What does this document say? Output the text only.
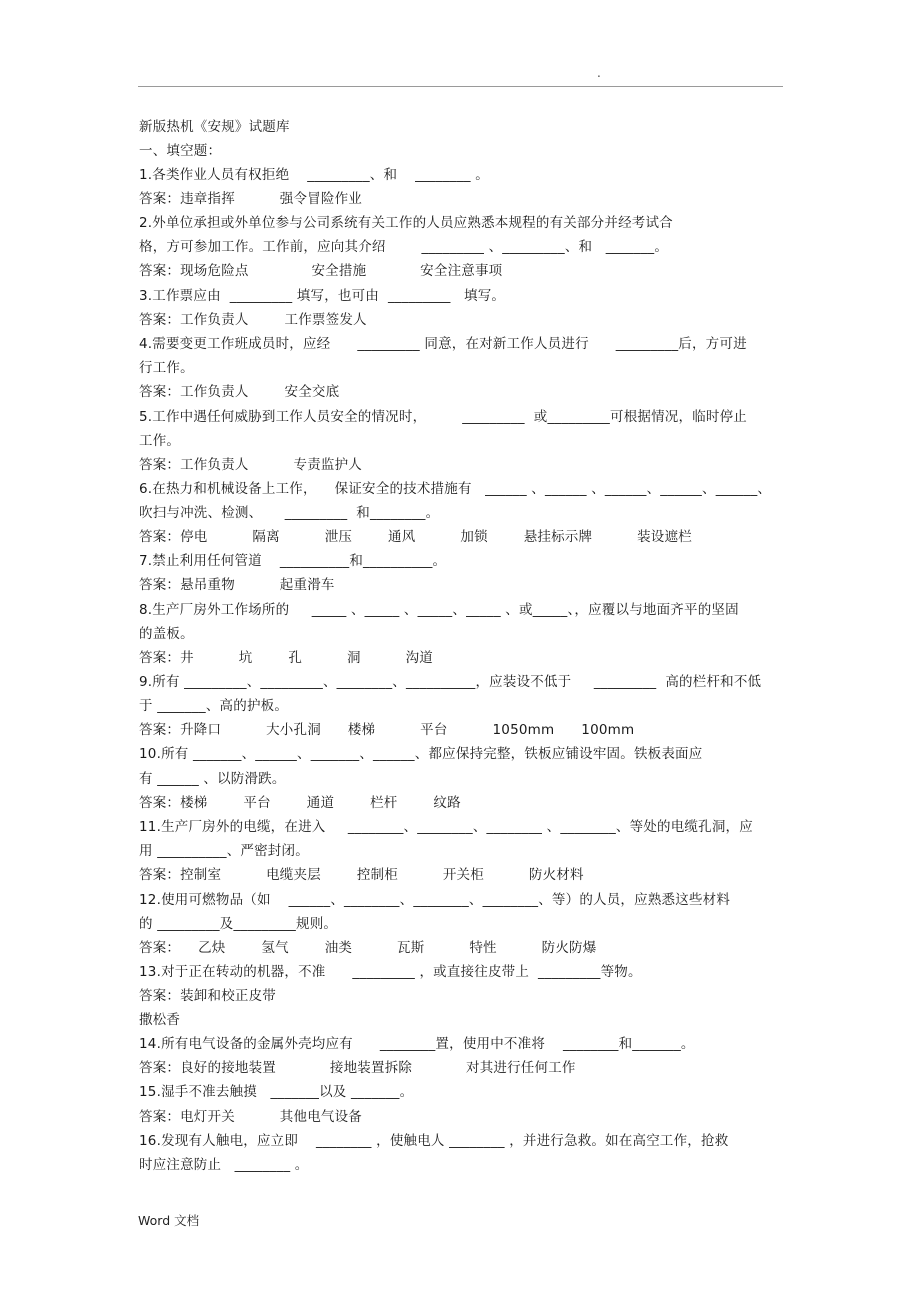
.
新版热机《安规》试题库
一、填空题：
1.各类作业人员有权拒绝    _________、和    ________ 。
答案：违章指挥          强令冒险作业
2.外单位承担或外单位参与公司系统有关工作的人员应熟悉本规程的有关部分并经考试合
格，方可参加工作。工作前，应向其介绍        _________ 、_________、和   _______。
答案：现场危险点              安全措施            安全注意事项
3.工作票应由  _________ 填写，也可由  _________   填写。
答案：工作负责人        工作票签发人
4.需要变更工作班成员时，应经      _________ 同意，在对新工作人员进行      _________后，方可进
行工作。
答案：工作负责人        安全交底
5.工作中遇任何威胁到工作人员安全的情况时，        _________  或_________可根据情况，临时停止
工作。
答案：工作负责人          专责监护人
6.在热力和机械设备上工作，    保证安全的技术措施有   ______ 、______ 、______、______、______、
吹扫与冲洗、检测、     _________  和________。
答案：停电          隔离          泄压        通风          加锁        悬挂标示牌          装设遮栏
7.禁止利用任何管道    __________和__________。
答案：悬吊重物          起重滑车
8.生产厂房外工作场所的     _____ 、_____ 、_____、_____ 、或_____、，应覆以与地面齐平的坚固
的盖板。
答案：井          坑        孔          洞          沟道
9.所有 _________、_________、________、__________，应装设不低于     _________  高的栏杆和不低
于 _______、高的护板。
答案：升降口          大小孔洞      楼梯          平台          1050mm      100mm
10.所有 _______、______、_______、______、都应保持完整，铁板应铺设牢固。铁板表面应
有 ______ 、以防滑跌。
答案：楼梯        平台        通道        栏杆        纹路
11.生产厂房外的电缆，在进入     ________、________、________ 、________、等处的电缆孔洞，应
用 __________、严密封闭。
答案：控制室          电缆夹层        控制柜          开关柜          防火材料
12.使用可燃物品（如    ______、________、________、________、等）的人员，应熟悉这些材料
的 _________及_________规则。
答案：    乙炔        氢气        油类          瓦斯          特性          防火防爆
13.对于正在转动的机器，不准      _________ ，或直接往皮带上  _________等物。
答案：装卸和校正皮带
撒松香
14.所有电气设备的金属外壳均应有      ________置，使用中不准将    ________和_______。
答案：良好的接地装置            接地装置拆除            对其进行任何工作
15.湿手不准去触摸   _______以及 _______。
答案：电灯开关          其他电气设备
16.发现有人触电，应立即    ________ ，使触电人 ________ ，并进行急救。如在高空工作，抢救
时应注意防止   ________ 。
Word 文档
